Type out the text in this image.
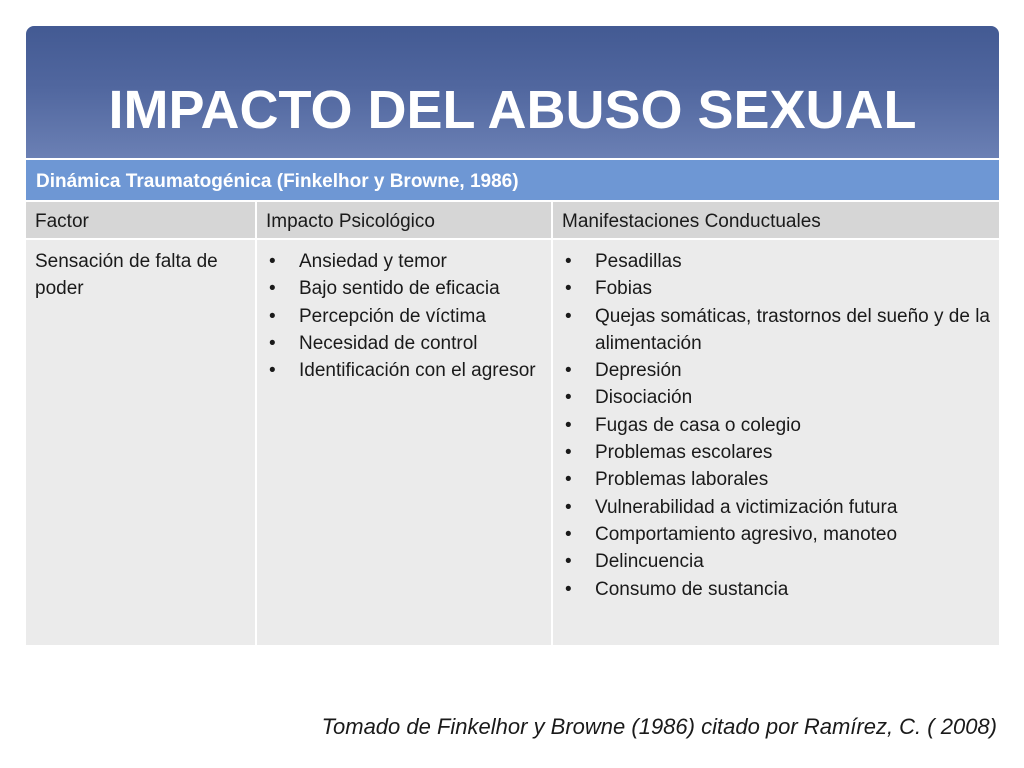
IMPACTO DEL ABUSO SEXUAL
Dinámica Traumatogénica (Finkelhor y Browne, 1986)
Factor	Impacto Psicológico	Manifestaciones Conductuales
Sensación de falta de poder
• Ansiedad y temor
• Bajo sentido de eficacia
• Percepción de víctima
• Necesidad de control
• Identificación con el agresor
• Pesadillas
• Fobias
• Quejas somáticas, trastornos del sueño y de la alimentación
• Depresión
• Disociación
• Fugas de casa o colegio
• Problemas escolares
• Problemas laborales
• Vulnerabilidad a victimización futura
• Comportamiento agresivo, manoteo
• Delincuencia
• Consumo de sustancia
Tomado de Finkelhor y Browne (1986) citado por Ramírez, C. ( 2008)
